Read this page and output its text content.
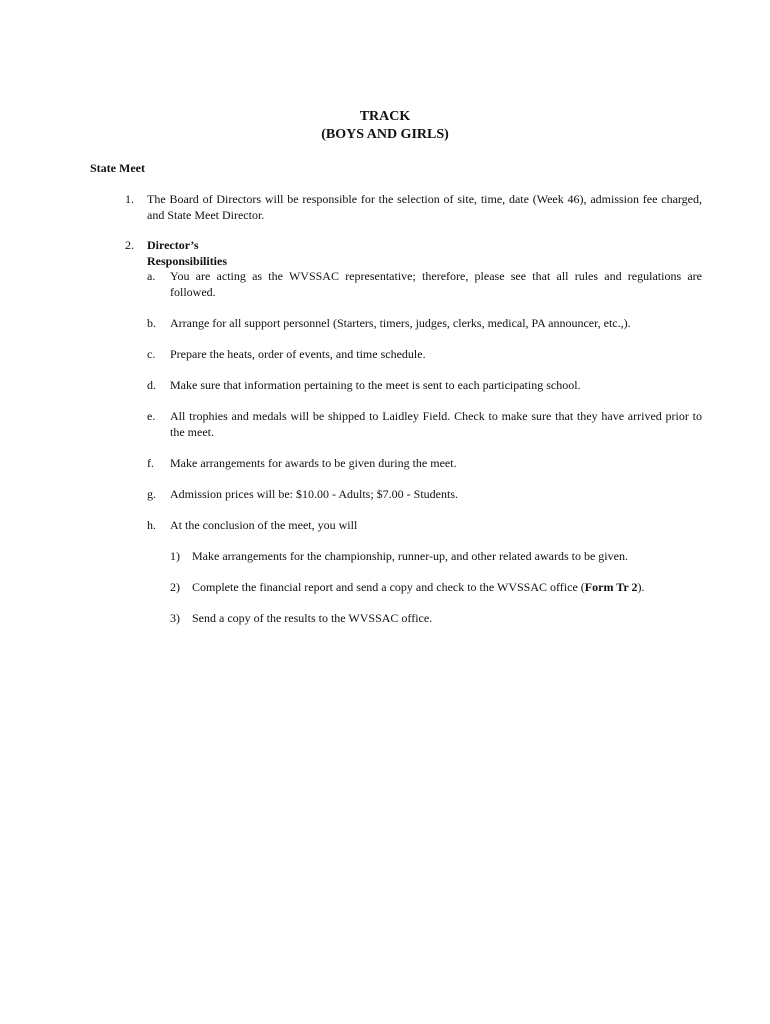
TRACK
(BOYS AND GIRLS)
State Meet
1. The Board of Directors will be responsible for the selection of site, time, date (Week 46), admission fee charged, and State Meet Director.
2. Director’s Responsibilities
a. You are acting as the WVSSAC representative; therefore, please see that all rules and regulations are followed.
b. Arrange for all support personnel (Starters, timers, judges, clerks, medical, PA announcer, etc.,).
c. Prepare the heats, order of events, and time schedule.
d. Make sure that information pertaining to the meet is sent to each participating school.
e. All trophies and medals will be shipped to Laidley Field. Check to make sure that they have arrived prior to the meet.
f. Make arrangements for awards to be given during the meet.
g. Admission prices will be: $10.00 - Adults; $7.00 - Students.
h. At the conclusion of the meet, you will
1) Make arrangements for the championship, runner-up, and other related awards to be given.
2) Complete the financial report and send a copy and check to the WVSSAC office (Form Tr 2).
3) Send a copy of the results to the WVSSAC office.
